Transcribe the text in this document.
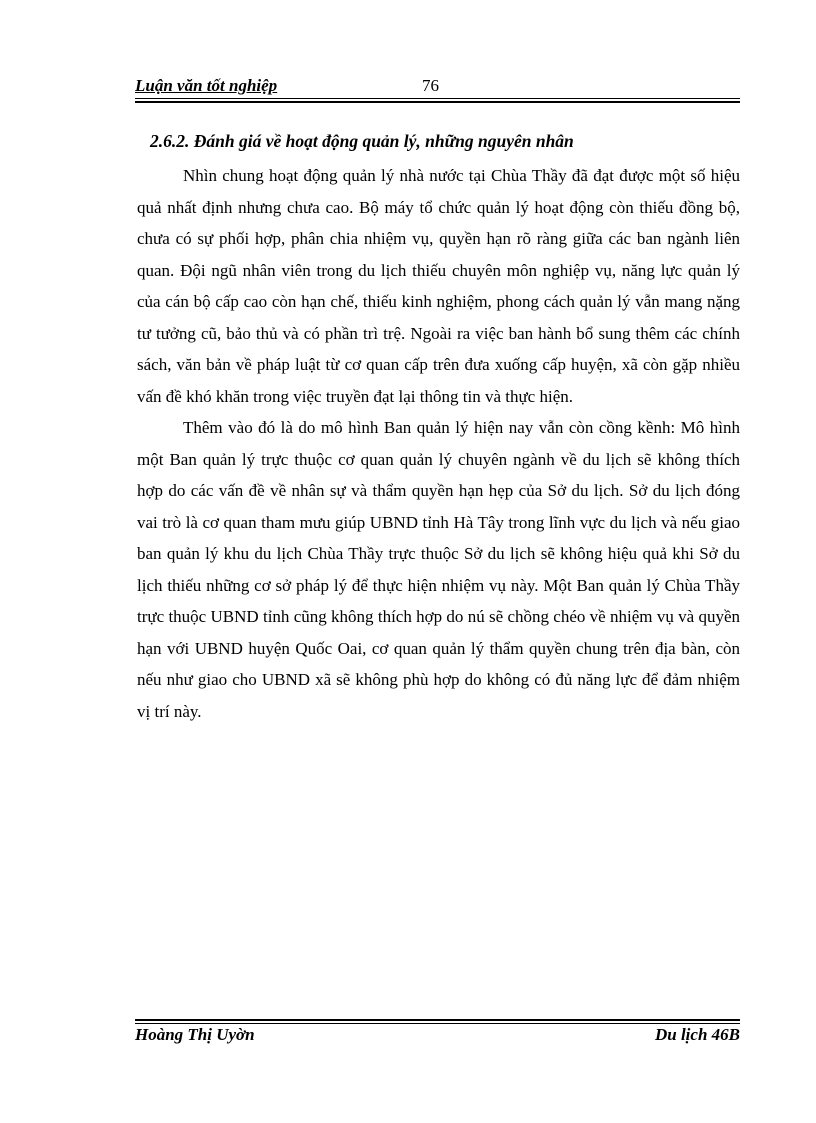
Luận văn tốt nghiệp	76
2.6.2. Đánh giá về hoạt động quản lý, những nguyên nhân

Nhìn chung hoạt động quản lý nhà nước tại Chùa Thầy đã đạt được một số hiệu quả nhất định nhưng chưa cao. Bộ máy tổ chức quản lý hoạt động còn thiếu đồng bộ, chưa có sự phối hợp, phân chia nhiệm vụ, quyền hạn rõ ràng giữa các ban ngành liên quan. Đội ngũ nhân viên trong du lịch thiếu chuyên môn nghiệp vụ, năng lực quản lý của cán bộ cấp cao còn hạn chế, thiếu kinh nghiệm, phong cách quản lý vẫn mang nặng tư tưởng cũ, bảo thủ và có phần trì trệ. Ngoài ra việc ban hành bổ sung thêm các chính sách, văn bản về pháp luật từ cơ quan cấp trên đưa xuống cấp huyện, xã còn gặp nhiều vấn đề khó khăn trong việc truyền đạt lại thông tin và thực hiện.

Thêm vào đó là do mô hình Ban quản lý hiện nay vẫn còn cồng kềnh: Mô hình một Ban quản lý trực thuộc cơ quan quản lý chuyên ngành về du lịch sẽ không thích hợp do các vấn đề về nhân sự và thẩm quyền hạn hẹp của Sở du lịch. Sở du lịch đóng vai trò là cơ quan tham mưu giúp UBND tỉnh Hà Tây trong lĩnh vực du lịch và nếu giao ban quản lý khu du lịch Chùa Thầy trực thuộc Sở du lịch sẽ không hiệu quả khi Sở du lịch thiếu những cơ sở pháp lý để thực hiện nhiệm vụ này. Một Ban quản lý Chùa Thầy trực thuộc UBND tỉnh cũng không thích hợp do nú sẽ chồng chéo về nhiệm vụ và quyền hạn với UBND huyện Quốc Oai, cơ quan quản lý thẩm quyền chung trên địa bàn, còn nếu như giao cho UBND xã sẽ không phù hợp do không có đủ năng lực để đảm nhiệm vị trí này.

Hoàng Thị Uyờn	Du lịch 46B
